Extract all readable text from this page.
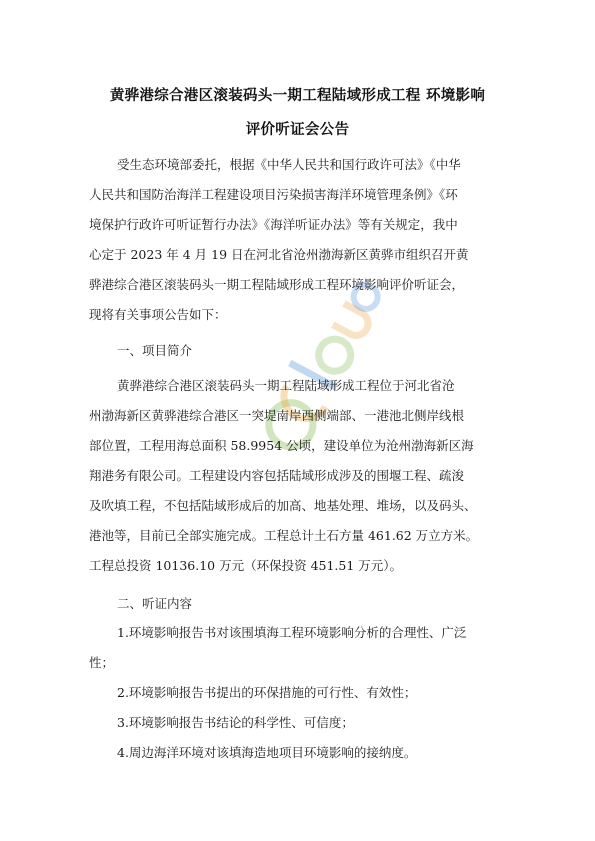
黄骅港综合港区滚装码头一期工程陆域形成工程 环境影响
评价听证会公告
受生态环境部委托，根据《中华人民共和国行政许可法》《中华
人民共和国防治海洋工程建设项目污染损害海洋环境管理条例》《环
境保护行政许可听证暂行办法》《海洋听证办法》等有关规定，我中
心定于 2023 年 4 月 19 日在河北省沧州渤海新区黄骅市组织召开黄
骅港综合港区滚装码头一期工程陆域形成工程环境影响评价听证会，
现将有关事项公告如下：
一、项目简介
黄骅港综合港区滚装码头一期工程陆域形成工程位于河北省沧
州渤海新区黄骅港综合港区一突堤南岸西侧端部、一港池北侧岸线根
部位置，工程用海总面积 58.9954 公顷，建设单位为沧州渤海新区海
翔港务有限公司。工程建设内容包括陆域形成涉及的围堰工程、疏浚
及吹填工程，不包括陆域形成后的加高、地基处理、堆场，以及码头、
港池等，目前已全部实施完成。工程总计土石方量 461.62 万立方米。
工程总投资 10136.10 万元（环保投资 451.51 万元）。
二、听证内容
1.环境影响报告书对该围填海工程环境影响分析的合理性、广泛
性；
2.环境影响报告书提出的环保措施的可行性、有效性；
3.环境影响报告书结论的科学性、可信度；
4.周边海洋环境对该填海造地项目环境影响的接纳度。
